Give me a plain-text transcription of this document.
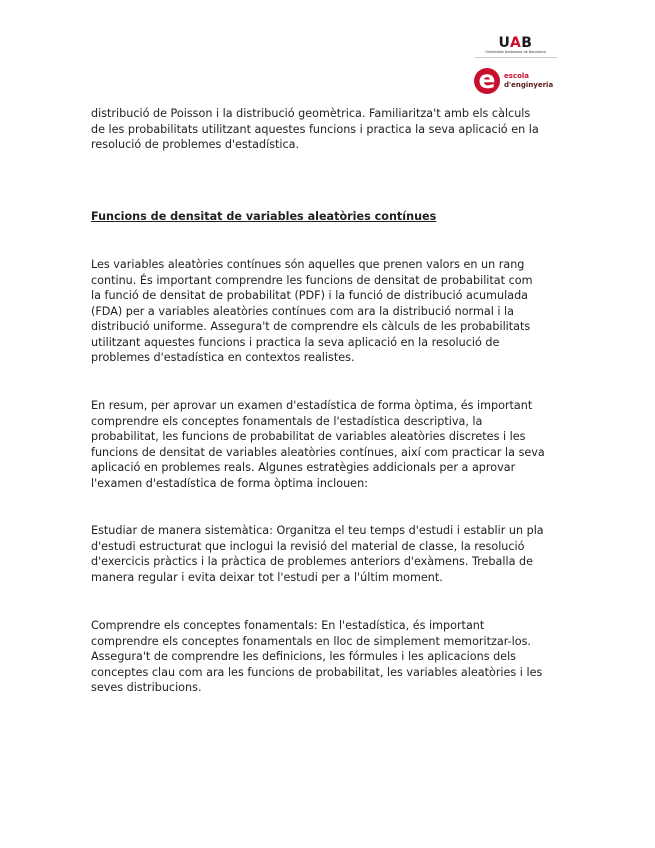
UAB
Universitat Autònoma de Barcelona
e	escola
d'enginyeria

distribució de Poisson i la distribució geomètrica. Familiaritza't amb els càlculs
de les probabilitats utilitzant aquestes funcions i practica la seva aplicació en la
resolució de problemes d'estadística.

Funcions de densitat de variables aleatòries contínues

Les variables aleatòries contínues són aquelles que prenen valors en un rang
continu. És important comprendre les funcions de densitat de probabilitat com
la funció de densitat de probabilitat (PDF) i la funció de distribució acumulada
(FDA) per a variables aleatòries contínues com ara la distribució normal i la
distribució uniforme. Assegura't de comprendre els càlculs de les probabilitats
utilitzant aquestes funcions i practica la seva aplicació en la resolució de
problemes d'estadística en contextos realistes.

En resum, per aprovar un examen d'estadística de forma òptima, és important
comprendre els conceptes fonamentals de l'estadística descriptiva, la
probabilitat, les funcions de probabilitat de variables aleatòries discretes i les
funcions de densitat de variables aleatòries contínues, així com practicar la seva
aplicació en problemes reals. Algunes estratègies addicionals per a aprovar
l'examen d'estadística de forma òptima inclouen:

Estudiar de manera sistemàtica: Organitza el teu temps d'estudi i establir un pla
d'estudi estructurat que inclogui la revisió del material de classe, la resolució
d'exercicis pràctics i la pràctica de problemes anteriors d'exàmens. Treballa de
manera regular i evita deixar tot l'estudi per a l'últim moment.

Comprendre els conceptes fonamentals: En l'estadística, és important
comprendre els conceptes fonamentals en lloc de simplement memoritzar-los.
Assegura't de comprendre les definicions, les fórmules i les aplicacions dels
conceptes clau com ara les funcions de probabilitat, les variables aleatòries i les
seves distribucions.
